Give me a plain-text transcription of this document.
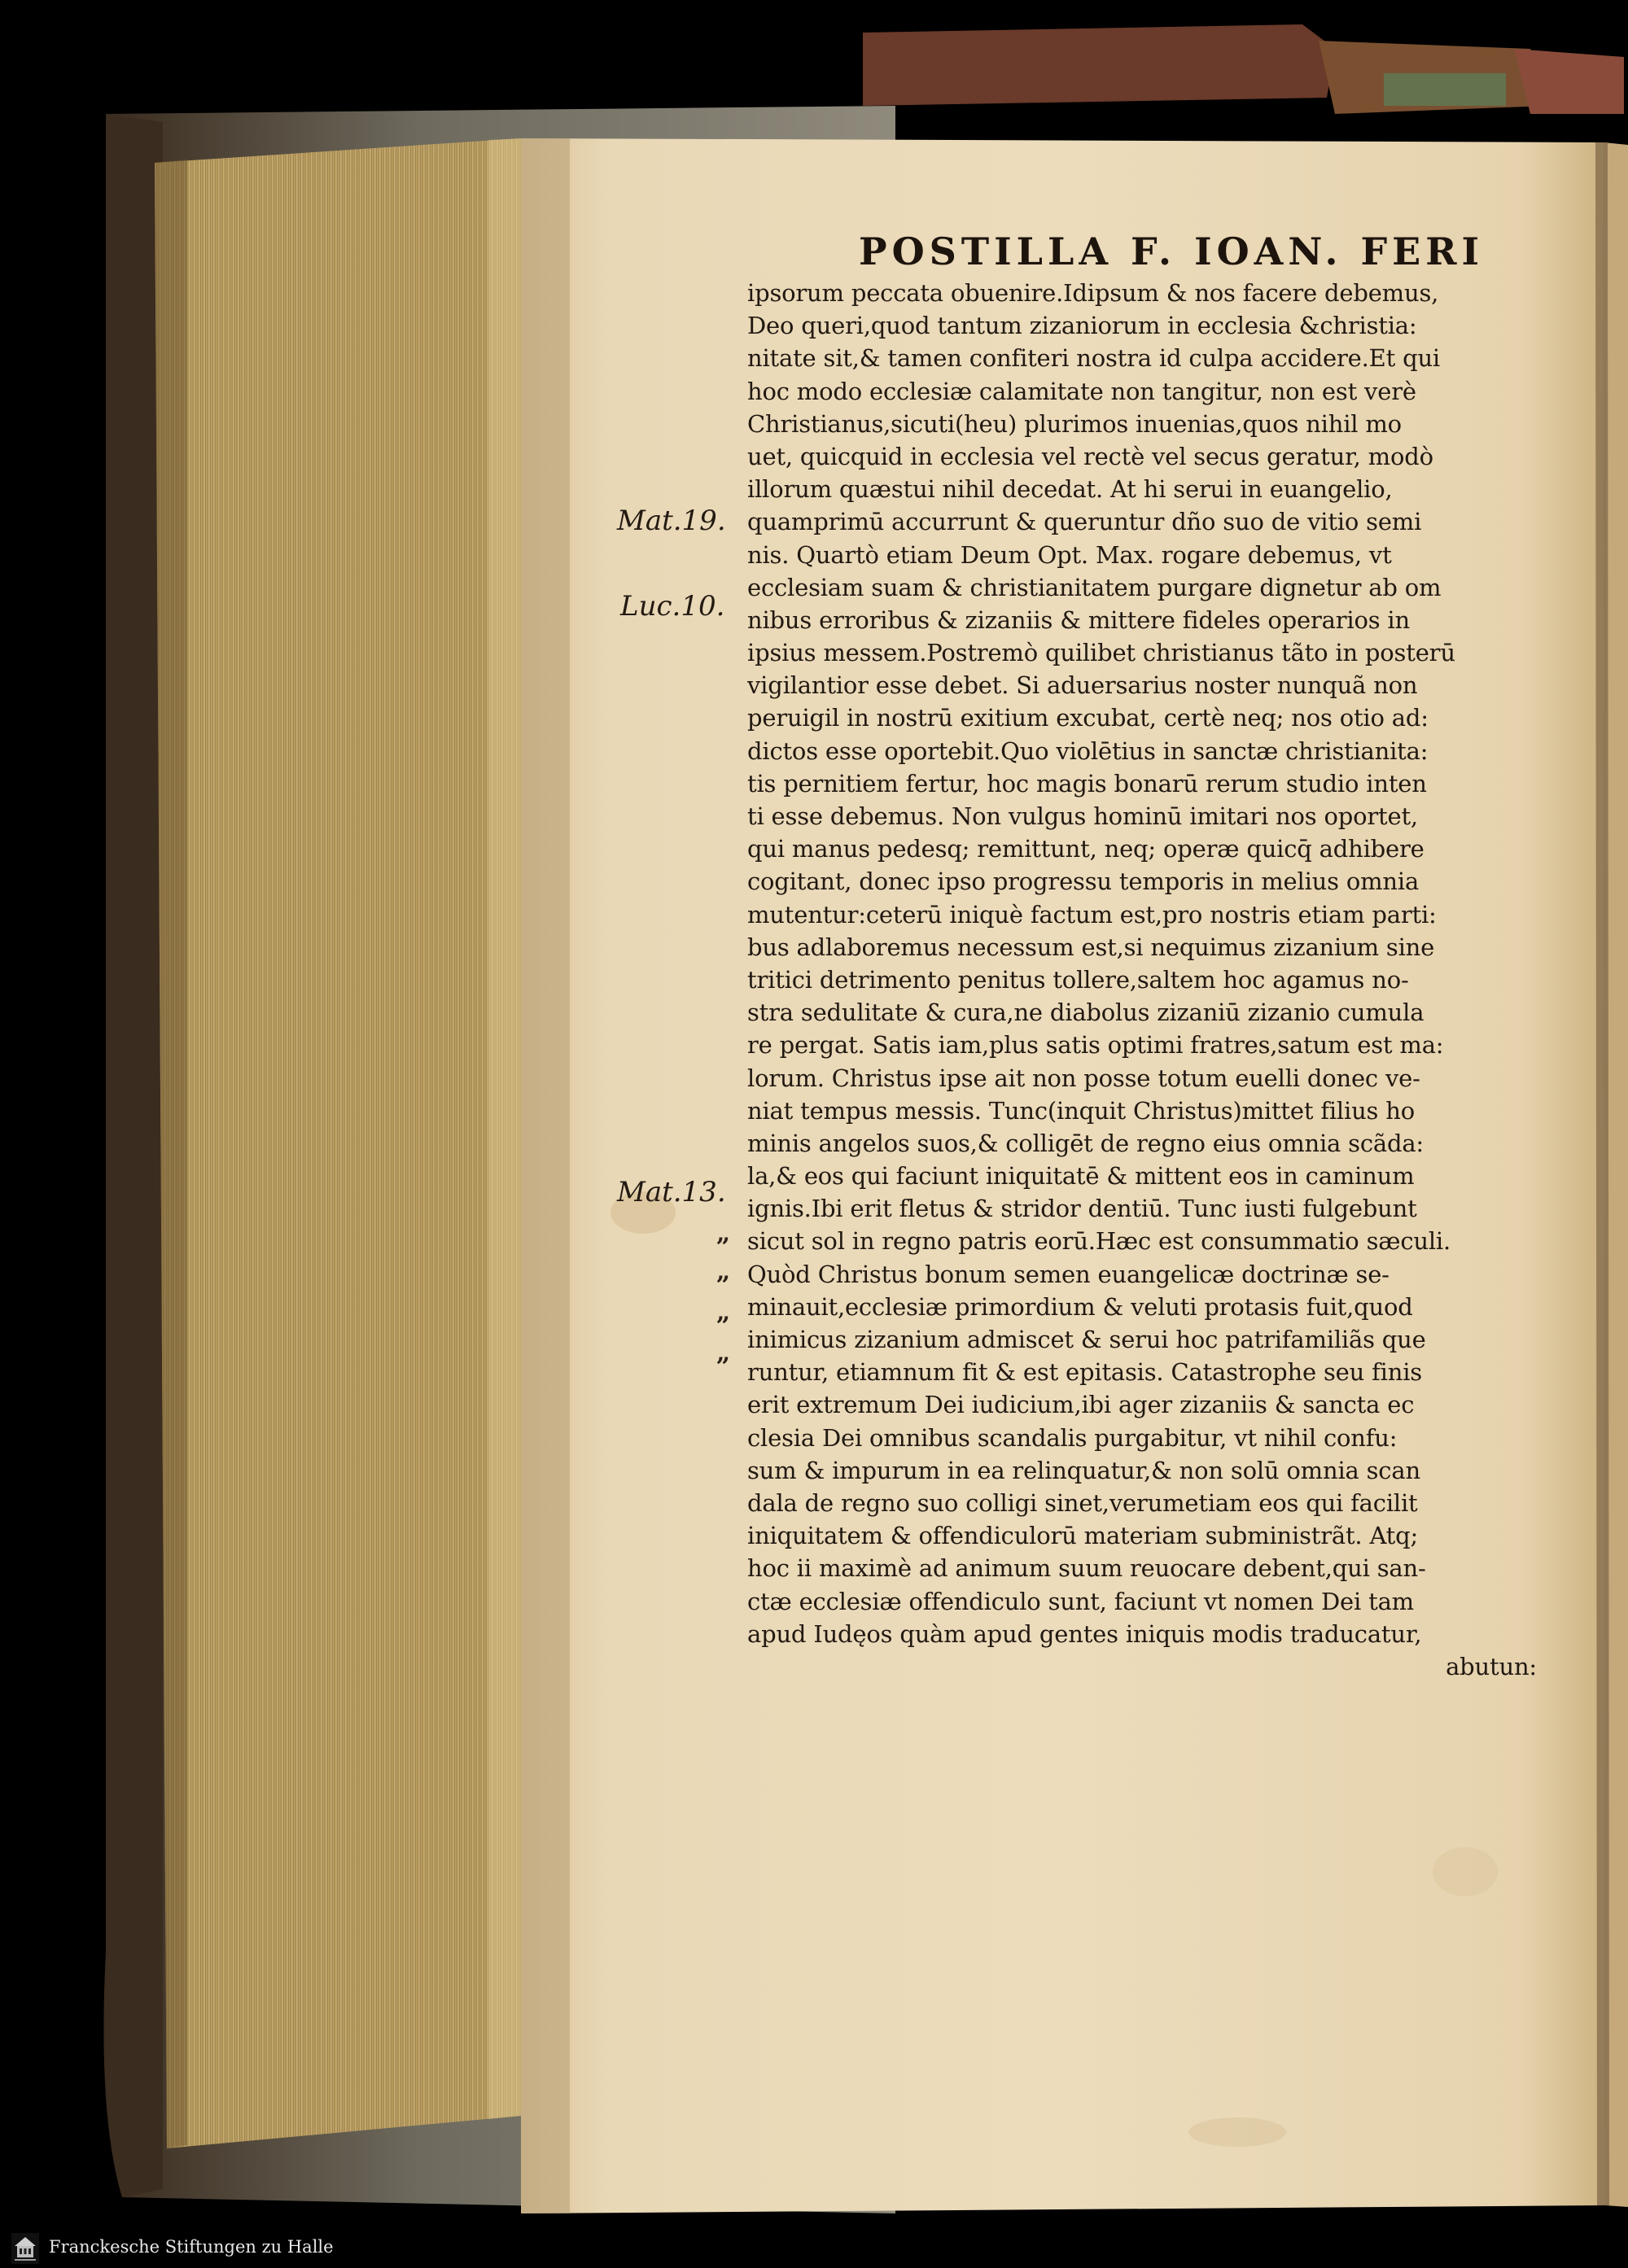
POSTILLA F. IOAN. FERI
ipsorum peccata obuenire.Idipsum & nos facere debemus,
Deo queri,quod tantum zizaniorum in ecclesia &christia:
nitate sit,& tamen confiteri nostra id culpa accidere.Et qui
hoc modo ecclesiæ calamitate non tangitur, non est verè
Christianus,sicuti(heu) plurimos inuenias,quos nihil mo
uet, quicquid in ecclesia vel rectè vel secus geratur, modò
illorum quæstui nihil decedat. At hi serui in euangelio,
quamprimū accurrunt & queruntur dño suo de vitio semi
nis. Quartò etiam Deum Opt. Max. rogare debemus, vt
ecclesiam suam & christianitatem purgare dignetur ab om
nibus erroribus & zizaniis & mittere fideles operarios in
ipsius messem.Postremò quilibet christianus tãto in posterū
vigilantior esse debet. Si aduersarius noster nunquã non
peruigil in nostrū exitium excubat, certè neq; nos otio ad:
dictos esse oportebit.Quo violētius in sanctæ christianita:
tis pernitiem fertur, hoc magis bonarū rerum studio inten
ti esse debemus. Non vulgus hominū imitari nos oportet,
qui manus pedesq; remittunt, neq; operæ quicq̄ adhibere
cogitant, donec ipso progressu temporis in melius omnia
mutentur:ceterū iniquè factum est,pro nostris etiam parti:
bus adlaboremus necessum est,si nequimus zizanium sine
tritici detrimento penitus tollere,saltem hoc agamus no-
stra sedulitate & cura,ne diabolus zizaniū zizanio cumula
re pergat. Satis iam,plus satis optimi fratres,satum est ma:
lorum. Christus ipse ait non posse totum euelli donec ve-
niat tempus messis. Tunc(inquit Christus)mittet filius ho
minis angelos suos,& colligēt de regno eius omnia scãda:
la,& eos qui faciunt iniquitatē & mittent eos in caminum
ignis.Ibi erit fletus & stridor dentiū. Tunc iusti fulgebunt
sicut sol in regno patris eorū.Hæc est consummatio sæculi.
Quòd Christus bonum semen euangelicæ doctrinæ se-
minauit,ecclesiæ primordium & veluti protasis fuit,quod
inimicus zizanium admiscet & serui hoc patrifamiliãs que
runtur, etiamnum fit & est epitasis. Catastrophe seu finis
erit extremum Dei iudicium,ibi ager zizaniis & sancta ec
clesia Dei omnibus scandalis purgabitur, vt nihil confu:
sum & impurum in ea relinquatur,& non solū omnia scan
dala de regno suo colligi sinet,verumetiam eos qui facilit
iniquitatem & offendiculorū materiam subministrãt. Atq;
hoc ii maximè ad animum suum reuocare debent,qui san-
ctæ ecclesiæ offendiculo sunt, faciunt vt nomen Dei tam
apud Iudęos quàm apud gentes iniquis modis traducatur,
abutun:
Mat.19.
Luc.10.
Mat.13.
„
„
„
„
Franckesche Stiftungen zu Halle
